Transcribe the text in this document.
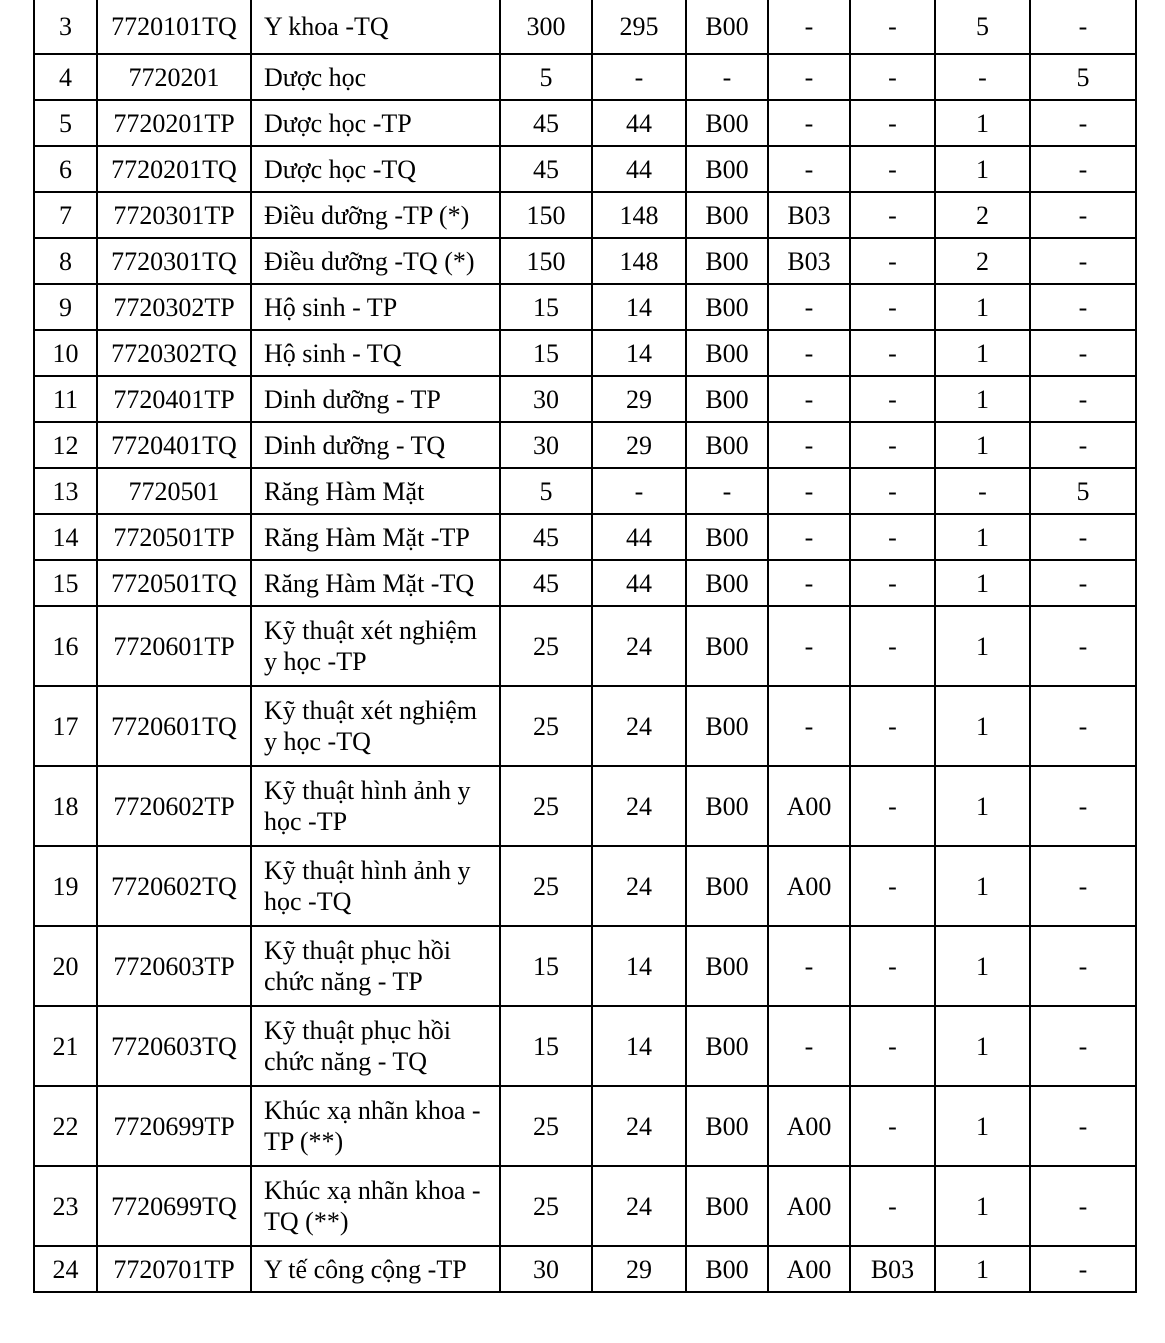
3	7720101TQ	Y khoa -TQ	300	295	B00	-	-	5	-
4	7720201	Dược học	5	-	-	-	-	-	5
5	7720201TP	Dược học -TP	45	44	B00	-	-	1	-
6	7720201TQ	Dược học -TQ	45	44	B00	-	-	1	-
7	7720301TP	Điều dưỡng -TP (*)	150	148	B00	B03	-	2	-
8	7720301TQ	Điều dưỡng -TQ (*)	150	148	B00	B03	-	2	-
9	7720302TP	Hộ sinh - TP	15	14	B00	-	-	1	-
10	7720302TQ	Hộ sinh - TQ	15	14	B00	-	-	1	-
11	7720401TP	Dinh dưỡng - TP	30	29	B00	-	-	1	-
12	7720401TQ	Dinh dưỡng - TQ	30	29	B00	-	-	1	-
13	7720501	Răng Hàm Mặt	5	-	-	-	-	-	5
14	7720501TP	Răng Hàm Mặt -TP	45	44	B00	-	-	1	-
15	7720501TQ	Răng Hàm Mặt -TQ	45	44	B00	-	-	1	-
16	7720601TP	Kỹ thuật xét nghiệm y học -TP	25	24	B00	-	-	1	-
17	7720601TQ	Kỹ thuật xét nghiệm y học -TQ	25	24	B00	-	-	1	-
18	7720602TP	Kỹ thuật hình ảnh y học -TP	25	24	B00	A00	-	1	-
19	7720602TQ	Kỹ thuật hình ảnh y học -TQ	25	24	B00	A00	-	1	-
20	7720603TP	Kỹ thuật phục hồi chức năng - TP	15	14	B00	-	-	1	-
21	7720603TQ	Kỹ thuật phục hồi chức năng - TQ	15	14	B00	-	-	1	-
22	7720699TP	Khúc xạ nhãn khoa - TP (**)	25	24	B00	A00	-	1	-
23	7720699TQ	Khúc xạ nhãn khoa - TQ (**)	25	24	B00	A00	-	1	-
24	7720701TP	Y tế công cộng -TP	30	29	B00	A00	B03	1	-
